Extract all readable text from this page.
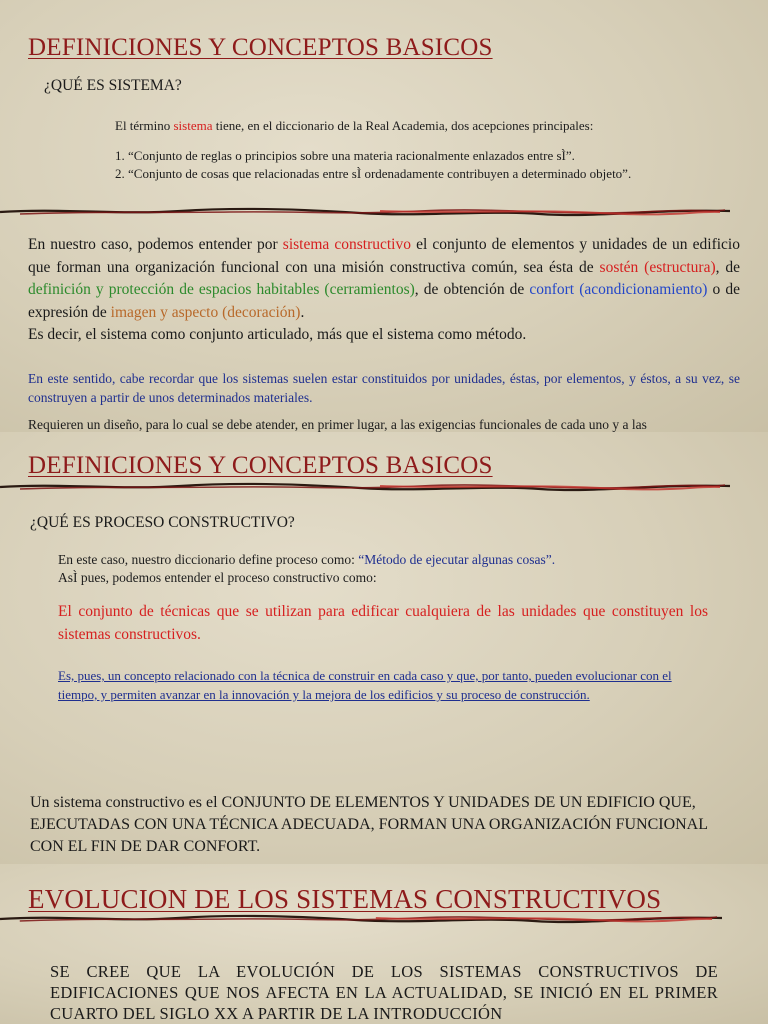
DEFINICIONES Y CONCEPTOS BASICOS

¿QUÉ ES SISTEMA?

El término sistema tiene, en el diccionario de la Real Academia, dos acepciones principales:
1. “Conjunto de reglas o principios sobre una materia racionalmente enlazados entre sÌ”.
2. “Conjunto de cosas que relacionadas entre sÌ ordenadamente contribuyen a determinado objeto”.
En nuestro caso, podemos entender por sistema constructivo el conjunto de elementos y unidades de un edificio que forman una organización funcional con una misión constructiva común, sea ésta de sostén (estructura), de definición y protección de espacios habitables (cerramientos), de obtención de confort (acondicionamiento) o de expresión de imagen y aspecto (decoración).
Es decir, el sistema como conjunto articulado, más que el sistema como método.
En este sentido, cabe recordar que los sistemas suelen estar constituidos por unidades, éstas, por elementos, y éstos, a su vez, se construyen a partir de unos determinados materiales.
Requieren un diseño, para lo cual se debe atender, en primer lugar, a las exigencias funcionales de cada uno y a las
DEFINICIONES Y CONCEPTOS BASICOS

¿QUÉ ES PROCESO CONSTRUCTIVO?

En este caso, nuestro diccionario define proceso como: “Método de ejecutar algunas cosas”.
AsÌ pues, podemos entender el proceso constructivo como:
El conjunto de técnicas que se utilizan para edificar cualquiera de las unidades que constituyen los sistemas constructivos.
Es, pues, un concepto relacionado con la técnica de construir en cada caso y que, por tanto, pueden evolucionar con el tiempo, y permiten avanzar en la innovación y la mejora de los edificios y su proceso de construcción.
Un sistema constructivo es el CONJUNTO DE ELEMENTOS Y UNIDADES DE UN EDIFICIO QUE, EJECUTADAS CON UNA TÉCNICA ADECUADA, FORMAN UNA ORGANIZACIÓN FUNCIONAL CON EL FIN DE DAR CONFORT.
EVOLUCION DE LOS SISTEMAS CONSTRUCTIVOS
SE CREE QUE LA EVOLUCIÓN DE LOS SISTEMAS CONSTRUCTIVOS DE EDIFICACIONES QUE NOS AFECTA EN LA ACTUALIDAD, SE INICIÓ EN EL PRIMER CUARTO DEL SIGLO XX A PARTIR DE LA INTRODUCCIÓN
